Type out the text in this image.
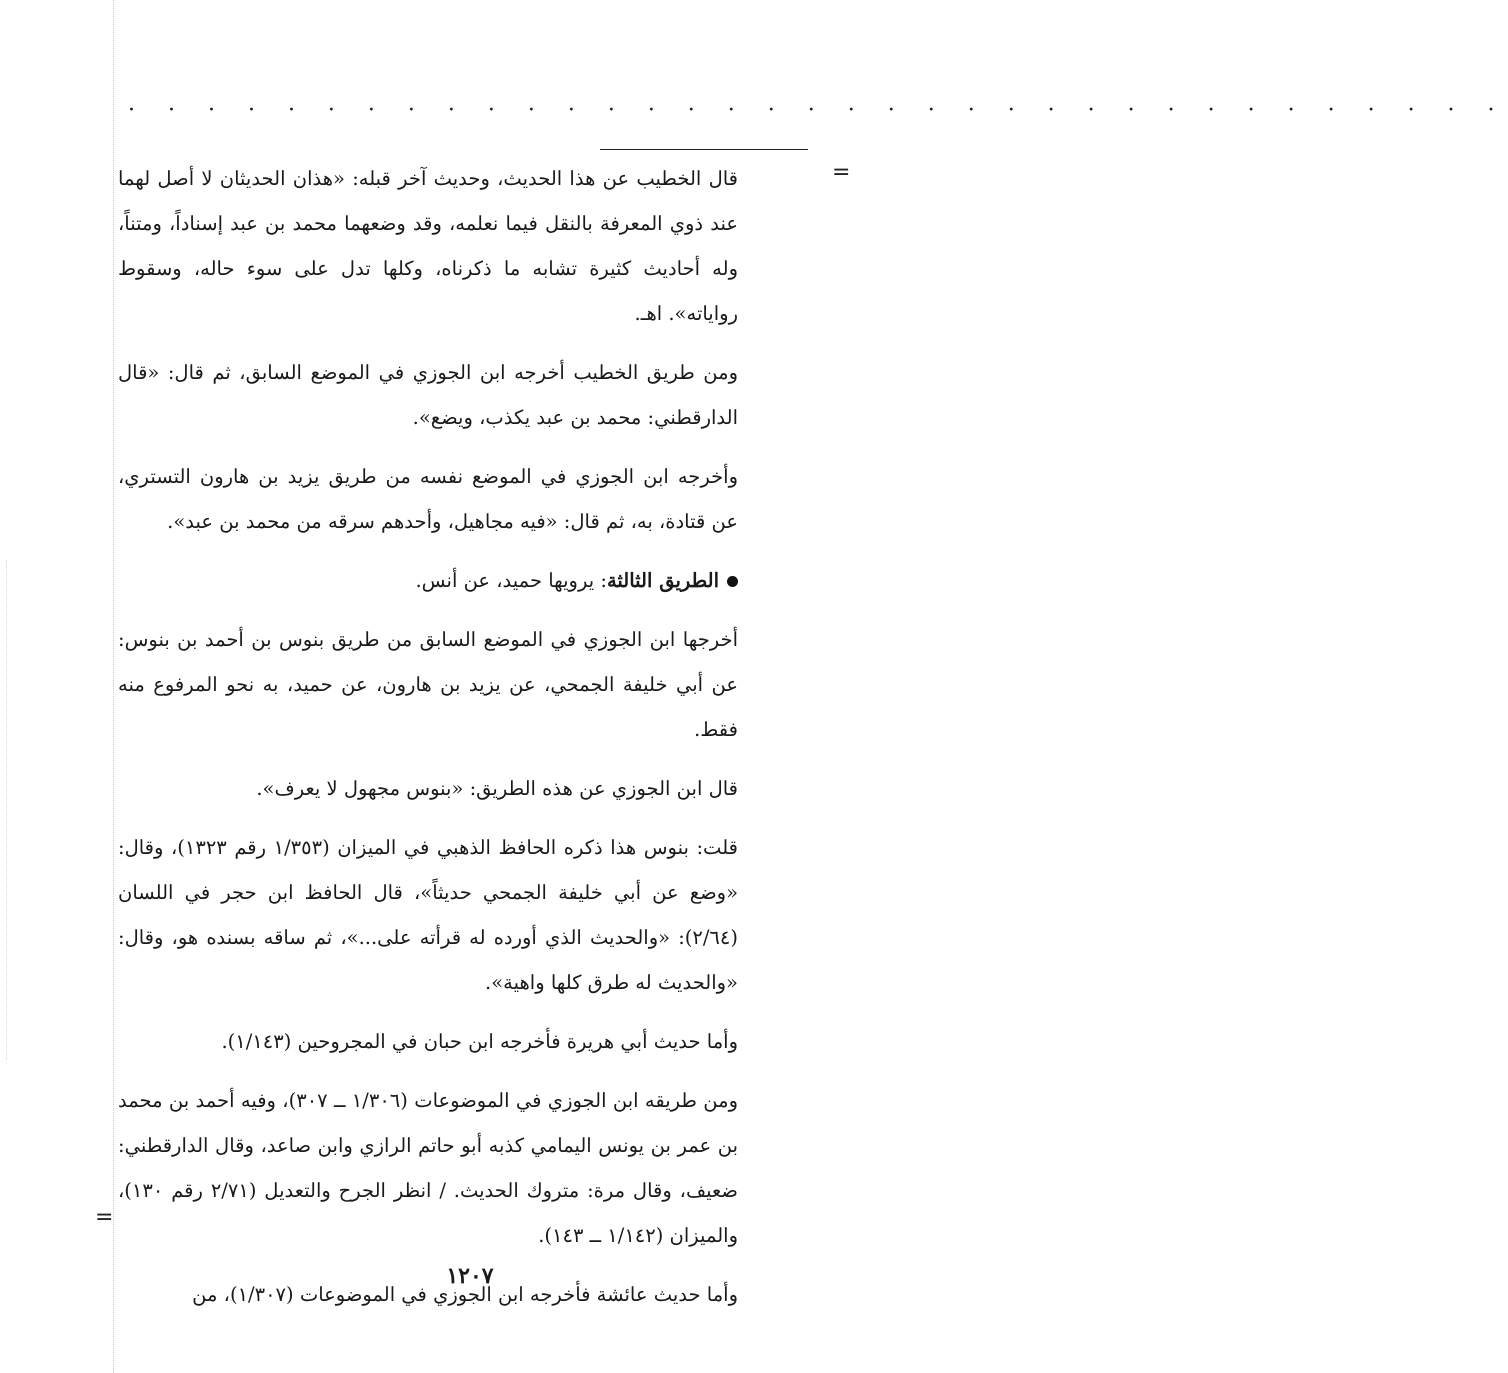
· · · · · · · · · · · · · · · · · · · · · · · · · · · · · · · · · · ·
=

قال الخطيب عن هذا الحديث، وحديث آخر قبله: «هذان الحديثان لا أصل لهما عند ذوي المعرفة بالنقل فيما نعلمه، وقد وضعهما محمد بن عبد إسناداً، ومتناً، وله أحاديث كثيرة تشابه ما ذكرناه، وكلها تدل على سوء حاله، وسقوط رواياته». اهـ.

ومن طريق الخطيب أخرجه ابن الجوزي في الموضع السابق، ثم قال: «قال الدارقطني: محمد بن عبد يكذب، ويضع».

وأخرجه ابن الجوزي في الموضع نفسه من طريق يزيد بن هارون التستري، عن قتادة، به، ثم قال: «فيه مجاهيل، وأحدهم سرقه من محمد بن عبد».

الطريق الثالثة: يرويها حميد، عن أنس.

أخرجها ابن الجوزي في الموضع السابق من طريق بنوس بن أحمد بن بنوس: عن أبي خليفة الجمحي، عن يزيد بن هارون، عن حميد، به نحو المرفوع منه فقط.

قال ابن الجوزي عن هذه الطريق: «بنوس مجهول لا يعرف».

قلت: بنوس هذا ذكره الحافظ الذهبي في الميزان (١/٣٥٣ رقم ١٣٢٣)، وقال: «وضع عن أبي خليفة الجمحي حديثاً»، قال الحافظ ابن حجر في اللسان (٢/٦٤): «والحديث الذي أورده له قرأته على...»، ثم ساقه بسنده هو، وقال: «والحديث له طرق كلها واهية».

وأما حديث أبي هريرة فأخرجه ابن حبان في المجروحين (١/١٤٣).

ومن طريقه ابن الجوزي في الموضوعات (١/٣٠٦ ــ ٣٠٧)، وفيه أحمد بن محمد بن عمر بن يونس اليمامي كذبه أبو حاتم الرازي وابن صاعد، وقال الدارقطني: ضعيف، وقال مرة: متروك الحديث. / انظر الجرح والتعديل (٢/٧١ رقم ١٣٠)، والميزان (١/١٤٢ ــ ١٤٣).

وأما حديث عائشة فأخرجه ابن الجوزي في الموضوعات (١/٣٠٧)، من

=
١٢٠٧
